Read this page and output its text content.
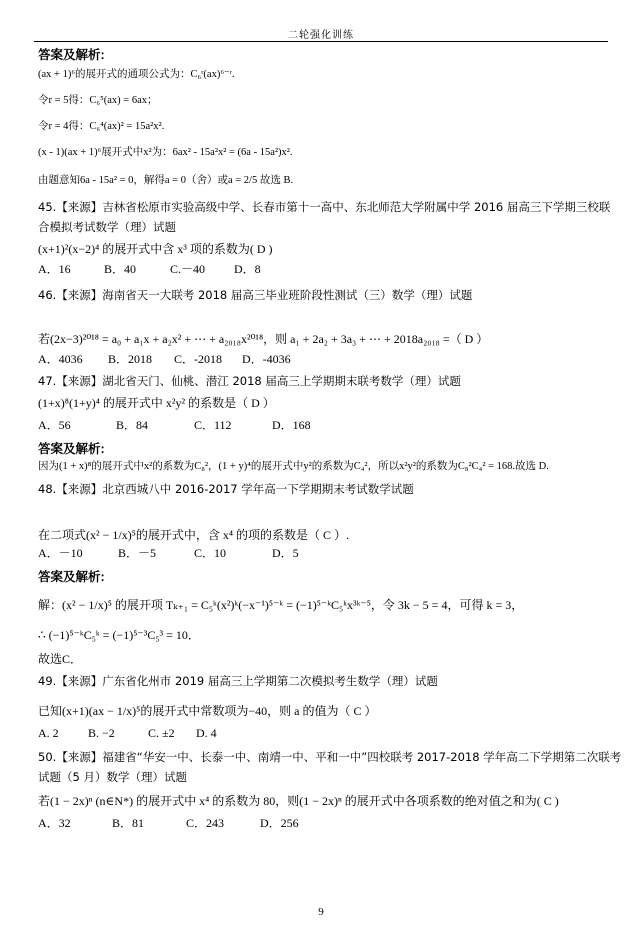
二轮强化训练
答案及解析:
(ax + 1)⁶的展开式的通项公式为：C₆ʳ(ax)⁶⁻ʳ.
令r = 5得：C₆⁵(ax) = 6ax；
令r = 4得：C₆⁴(ax)² = 15a²x².
(x - 1)(ax + 1)⁶展开式中x²为：6ax² - 15a²x² = (6a - 15a²)x².
由题意知6a - 15a² = 0，解得a = 0（舍）或a = 2/5 故选 B.
45.【来源】吉林省松原市实验高级中学、长春市第十一高中、东北师范大学附属中学 2016 届高三下学期三校联
合模拟考试数学（理）试题
(x+1)²(x−2)⁴ 的展开式中含 x³ 项的系数为( D )
A．16	B．40	C.－40	D．8
46.【来源】海南省天一大联考 2018 届高三毕业班阶段性测试（三）数学（理）试题
若(2x−3)²⁰¹⁸ = a₀ + a₁x + a₂x² + ⋯ + a₂₀₁₈x²⁰¹⁸，则 a₁ + 2a₂ + 3a₃ + ⋯ + 2018a₂₀₁₈ =（ D ）
A．4036	B．2018	C．-2018	D．-4036
47.【来源】湖北省天门、仙桃、潜江 2018 届高三上学期期末联考数学（理）试题
(1+x)⁸(1+y)⁴ 的展开式中 x²y² 的系数是（ D ）
A．56	B．84	C．112	D．168
答案及解析:
因为(1 + x)⁸的展开式中x²的系数为C₈²，(1 + y)⁴的展开式中y²的系数为C₄²，所以x²y²的系数为C₈²C₄² = 168.故选 D.
48.【来源】北京西城八中 2016-2017 学年高一下学期期末考试数学试题
在二项式(x² − 1/x)⁵的展开式中，含 x⁴ 的项的系数是（ C ）.
A．－10	B．－5	C．10	D．5
答案及解析:
解：(x² − 1/x)⁵ 的展开项 Tₖ₊₁ = C₅ᵏ(x²)ᵏ(−x⁻¹)⁵⁻ᵏ = (−1)⁵⁻ᵏC₅ᵏx³ᵏ⁻⁵，令 3k − 5 = 4，可得 k = 3，
∴ (−1)⁵⁻ᵏC₅ᵏ = (−1)⁵⁻³C₅³ = 10．
故选C．
49.【来源】广东省化州市 2019 届高三上学期第二次模拟考生数学（理）试题
已知(x+1)(ax − 1/x)⁵的展开式中常数项为−40，则 a 的值为（ C ）
A. 2	B. −2	C. ±2	D. 4
50.【来源】福建省“华安一中、长泰一中、南靖一中、平和一中”四校联考 2017-2018 学年高二下学期第二次联考
试题（5 月）数学（理）试题
若(1 − 2x)ⁿ (n∈N*) 的展开式中 x⁴ 的系数为 80，则(1 − 2x)ⁿ 的展开式中各项系数的绝对值之和为( C )
A．32	B．81	C．243	D．256
9
